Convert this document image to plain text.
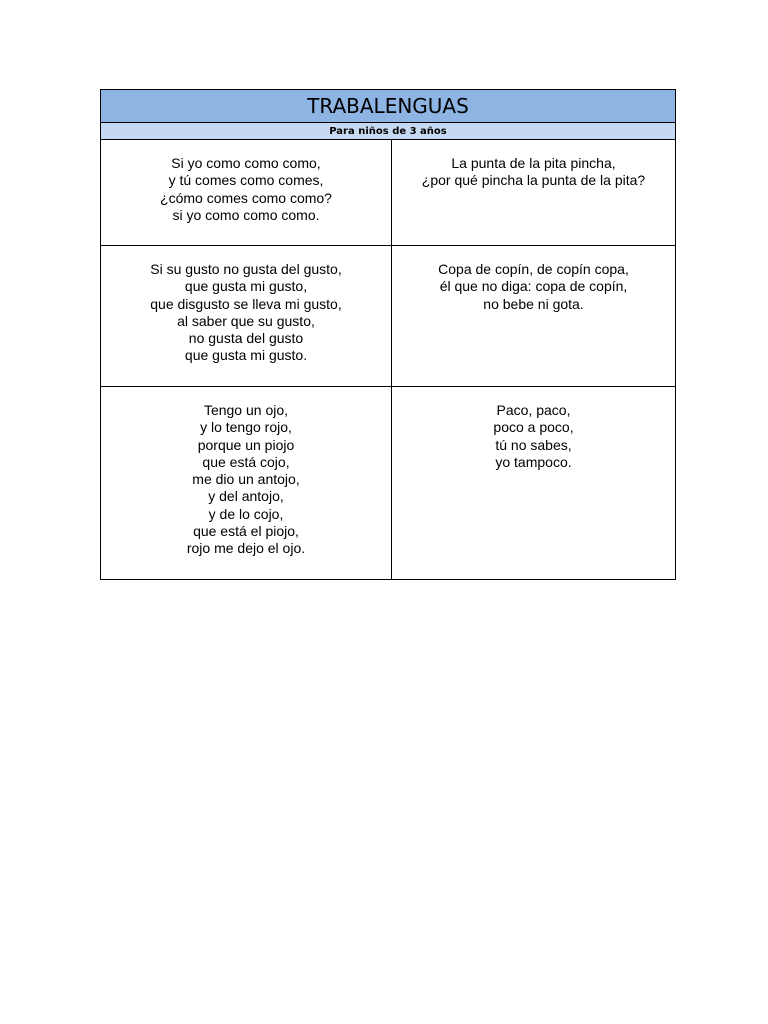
TRABALENGUAS
Para niños de 3 años
Si yo como como como,
y tú comes como comes,
¿cómo comes como como?
si yo como como como.
La punta de la pita pincha,
¿por qué pincha la punta de la pita?
Si su gusto no gusta del gusto,
que gusta mi gusto,
que disgusto se lleva mi gusto,
al saber que su gusto,
no gusta del gusto
que gusta mi gusto.
Copa de copín, de copín copa,
él que no diga: copa de copín,
no bebe ni gota.
Tengo un ojo,
y lo tengo rojo,
porque un piojo
que está cojo,
me dio un antojo,
y del antojo,
y de lo cojo,
que está el piojo,
rojo me dejo el ojo.
Paco, paco,
poco a poco,
tú no sabes,
yo tampoco.
